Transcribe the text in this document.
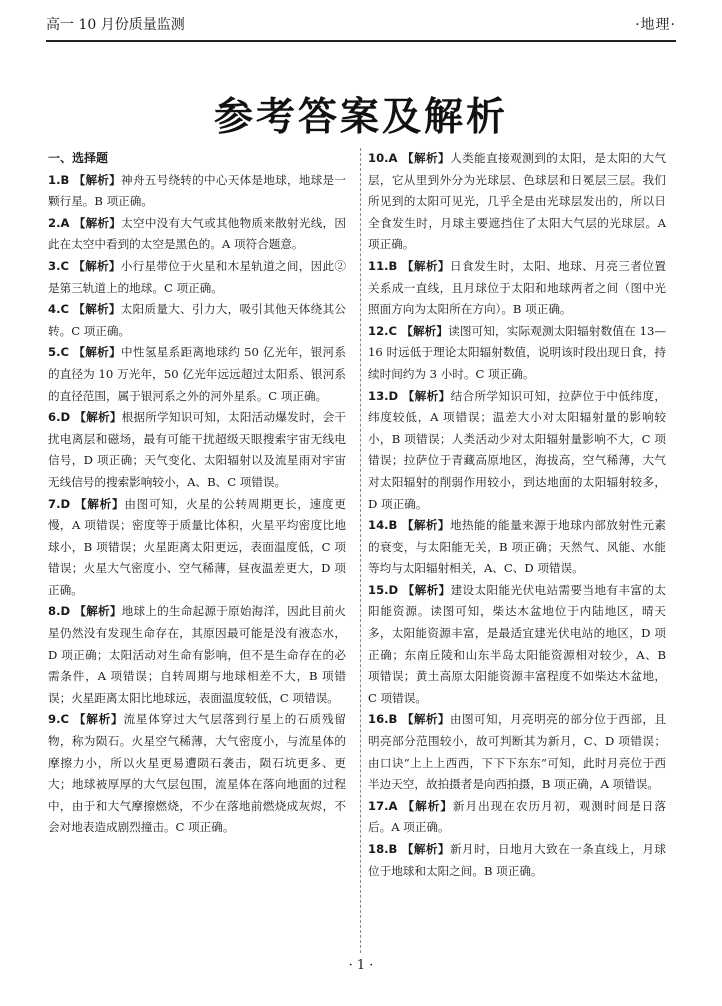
高一 10 月份质量监测	·地理·
参考答案及解析
一、选择题
1.B 【解析】神舟五号绕转的中心天体是地球，地球是一颗行星。B 项正确。
2.A 【解析】太空中没有大气或其他物质来散射光线，因此在太空中看到的太空是黑色的。A 项符合题意。
3.C 【解析】小行星带位于火星和木星轨道之间，因此②是第三轨道上的地球。C 项正确。
4.C 【解析】太阳质量大、引力大，吸引其他天体绕其公转。C 项正确。
5.C 【解析】中性氢星系距离地球约 50 亿光年，银河系的直径为 10 万光年，50 亿光年远远超过太阳系、银河系的直径范围，属于银河系之外的河外星系。C 项正确。
6.D 【解析】根据所学知识可知，太阳活动爆发时，会干扰电离层和磁场，最有可能干扰超级天眼搜索宇宙无线电信号，D 项正确；天气变化、太阳辐射以及流星雨对宇宙无线信号的搜索影响较小，A、B、C 项错误。
7.D 【解析】由图可知，火星的公转周期更长，速度更慢，A 项错误；密度等于质量比体积，火星平均密度比地球小，B 项错误；火星距离太阳更远，表面温度低，C 项错误；火星大气密度小、空气稀薄，昼夜温差更大，D 项正确。
8.D 【解析】地球上的生命起源于原始海洋，因此目前火星仍然没有发现生命存在，其原因最可能是没有液态水，D 项正确；太阳活动对生命有影响，但不是生命存在的必需条件，A 项错误；自转周期与地球相差不大，B 项错误；火星距离太阳比地球远，表面温度较低，C 项错误。
9.C 【解析】流星体穿过大气层落到行星上的石质残留物，称为陨石。火星空气稀薄，大气密度小，与流星体的摩擦力小，所以火星更易遭陨石袭击，陨石坑更多、更大；地球被厚厚的大气层包围，流星体在落向地面的过程中，由于和大气摩擦燃烧，不少在落地前燃烧成灰烬，不会对地表造成剧烈撞击。C 项正确。
10.A 【解析】人类能直接观测到的太阳，是太阳的大气层，它从里到外分为光球层、色球层和日冕层三层。我们所见到的太阳可见光，几乎全是由光球层发出的，所以日全食发生时，月球主要遮挡住了太阳大气层的光球层。A 项正确。
11.B 【解析】日食发生时，太阳、地球、月亮三者位置关系成一直线，且月球位于太阳和地球两者之间（图中光照面方向为太阳所在方向）。B 项正确。
12.C 【解析】读图可知，实际观测太阳辐射数值在 13—16 时远低于理论太阳辐射数值，说明该时段出现日食，持续时间约为 3 小时。C 项正确。
13.D 【解析】结合所学知识可知，拉萨位于中低纬度，纬度较低，A 项错误；温差大小对太阳辐射量的影响较小，B 项错误；人类活动少对太阳辐射量影响不大，C 项错误；拉萨位于青藏高原地区，海拔高，空气稀薄，大气对太阳辐射的削弱作用较小，到达地面的太阳辐射较多，D 项正确。
14.B 【解析】地热能的能量来源于地球内部放射性元素的衰变，与太阳能无关，B 项正确；天然气、风能、水能等均与太阳辐射相关，A、C、D 项错误。
15.D 【解析】建设太阳能光伏电站需要当地有丰富的太阳能资源。读图可知，柴达木盆地位于内陆地区，晴天多，太阳能资源丰富，是最适宜建光伏电站的地区，D 项正确；东南丘陵和山东半岛太阳能资源相对较少，A、B 项错误；黄土高原太阳能资源丰富程度不如柴达木盆地，C 项错误。
16.B 【解析】由图可知，月亮明亮的部分位于西部，且明亮部分范围较小，故可判断其为新月，C、D 项错误；由口诀“上上上西西，下下下东东”可知，此时月亮位于西半边天空，故拍摄者是向西拍摄，B 项正确，A 项错误。
17.A 【解析】新月出现在农历月初，观测时间是日落后。A 项正确。
18.B 【解析】新月时，日地月大致在一条直线上，月球位于地球和太阳之间。B 项正确。
· 1 ·
